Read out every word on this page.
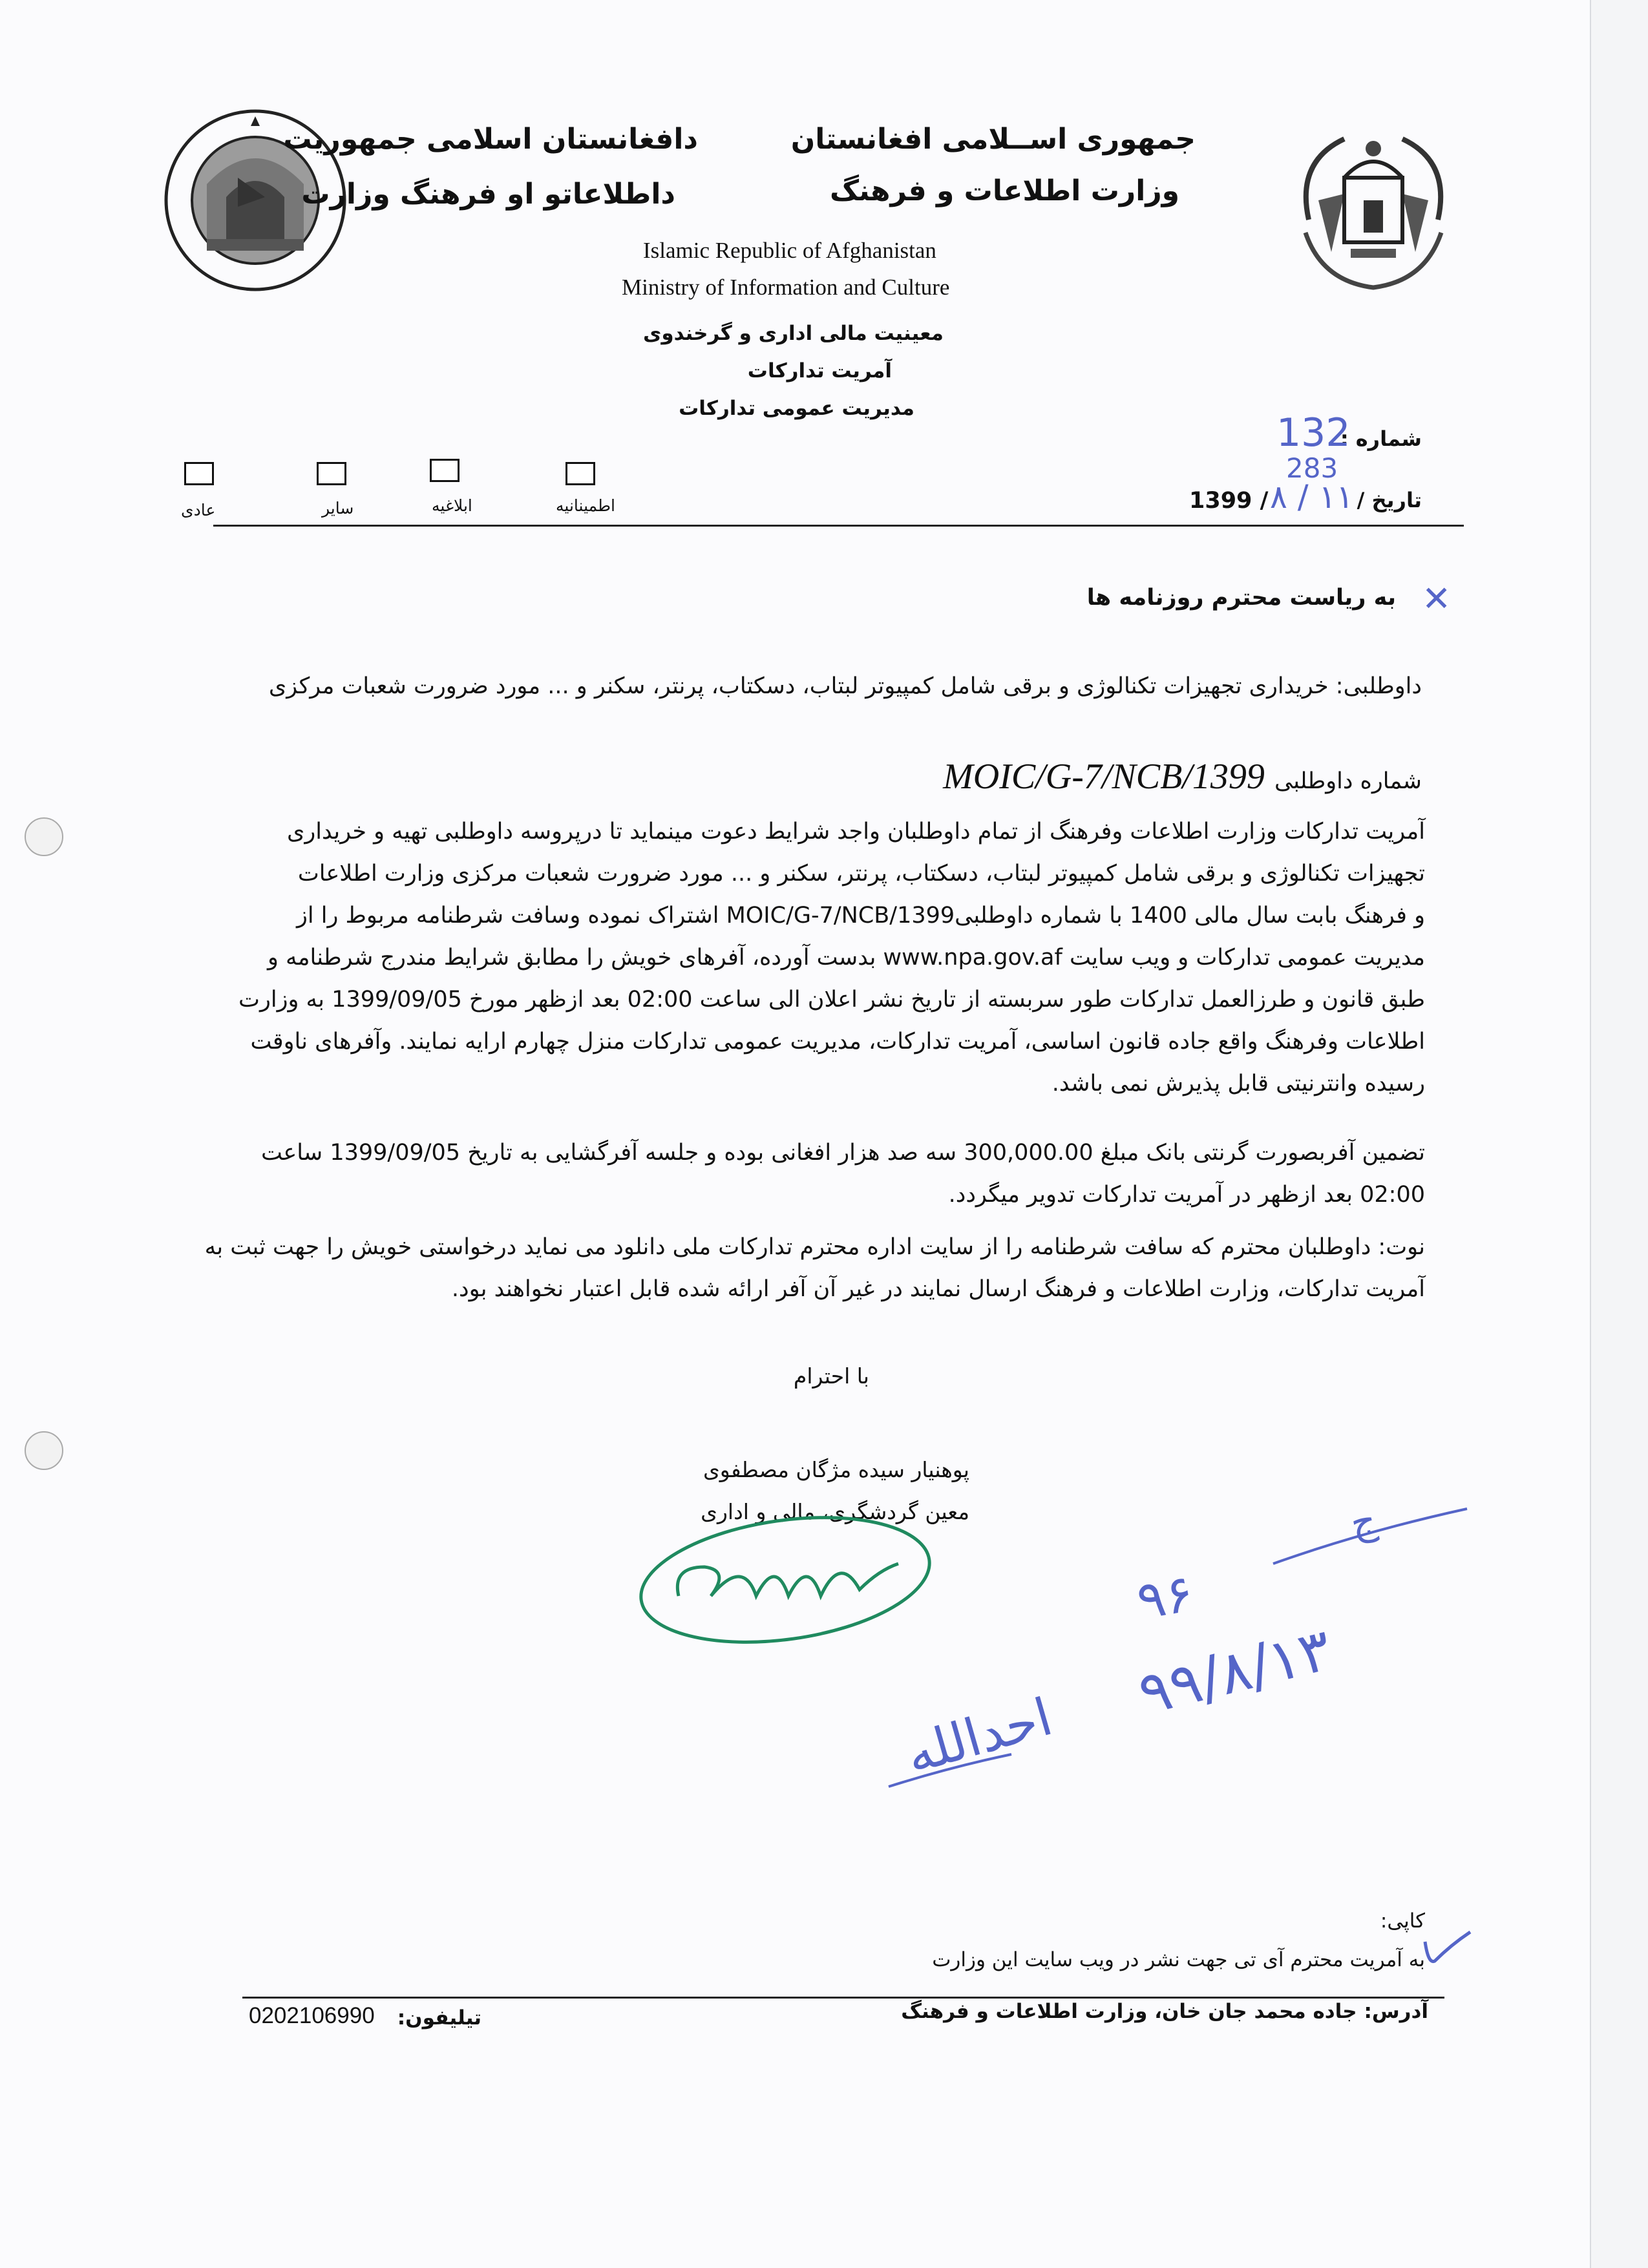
جمهوری اســلامی افغانستان
وزارت اطلاعات و فرهنگ
دافغانستان اسلامی جمهوریت
داطلاعاتو او فرهنگ وزارت
Islamic Republic of Afghanistan
Ministry of Information and Culture
معینیت مالی اداری و گرخندوی
آمریت تدارکات
مدیریت عمومی تدارکات
شماره :
132
283
تاریخ /
۸ / ۱۱
1399 /
اطمینانیه
ابلاغیه
سایر
عادی
✕
به ریاست محترم روزنامه ها
داوطلبی: خریداری تجهیزات تکنالوژی و برقی شامل کمپیوتر لبتاب، دسکتاب، پرنتر، سکنر و ... مورد ضرورت شعبات مرکزی
شماره داوطلبی MOIC/G-7/NCB/1399
آمریت تدارکات وزارت اطلاعات وفرهنگ از تمام داوطلبان واجد شرایط دعوت مینماید تا درپروسه داوطلبی تهیه و خریداری
تجهیزات تکنالوژی و برقی شامل کمپیوتر لبتاب، دسکتاب، پرنتر، سکنر و ... مورد ضرورت شعبات مرکزی وزارت اطلاعات
و فرهنگ بابت سال مالی 1400 با شماره داوطلبیMOIC/G-7/NCB/1399 اشتراک نموده وسافت شرطنامه مربوط را از
مدیریت عمومی تدارکات و ویب سایت www.npa.gov.af بدست آورده، آفرهای خویش را مطابق شرایط مندرج شرطنامه و
طبق قانون و طرزالعمل تدارکات طور سربسته از تاریخ نشر اعلان الی ساعت 02:00 بعد ازظهر مورخ 1399/09/05 به وزارت
اطلاعات وفرهنگ واقع جاده قانون اساسی، آمریت تدارکات، مدیریت عمومی تدارکات منزل چهارم ارایه نمایند. وآفرهای ناوقت
رسیده وانترنیتی قابل پذیرش نمی باشد.
تضمین آفربصورت گرنتی بانک مبلغ 300,000.00 سه صد هزار افغانی بوده و جلسه آفرگشایی به تاریخ 1399/09/05 ساعت
02:00 بعد ازظهر در آمریت تدارکات تدویر میگردد.
نوت: داوطلبان محترم که سافت شرطنامه را از سایت اداره محترم تدارکات ملی دانلود می نماید درخواستی خویش را جهت ثبت به
آمریت تدارکات، وزارت اطلاعات و فرهنگ ارسال نمایند در غیر آن آفر ارائه شده قابل اعتبار نخواهند بود.
با احترام
پوهنیار سیده مژگان مصطفوی
معین گردشگری، مالی و اداری	ج
۹۶
۹۹/۸/۱۳
احدالله
کاپی:
به آمریت محترم آی تی جهت نشر در ویب سایت این وزارت
آدرس: جاده محمد جان خان، وزارت اطلاعات و فرهنگ
تیلیفون:
0202106990
